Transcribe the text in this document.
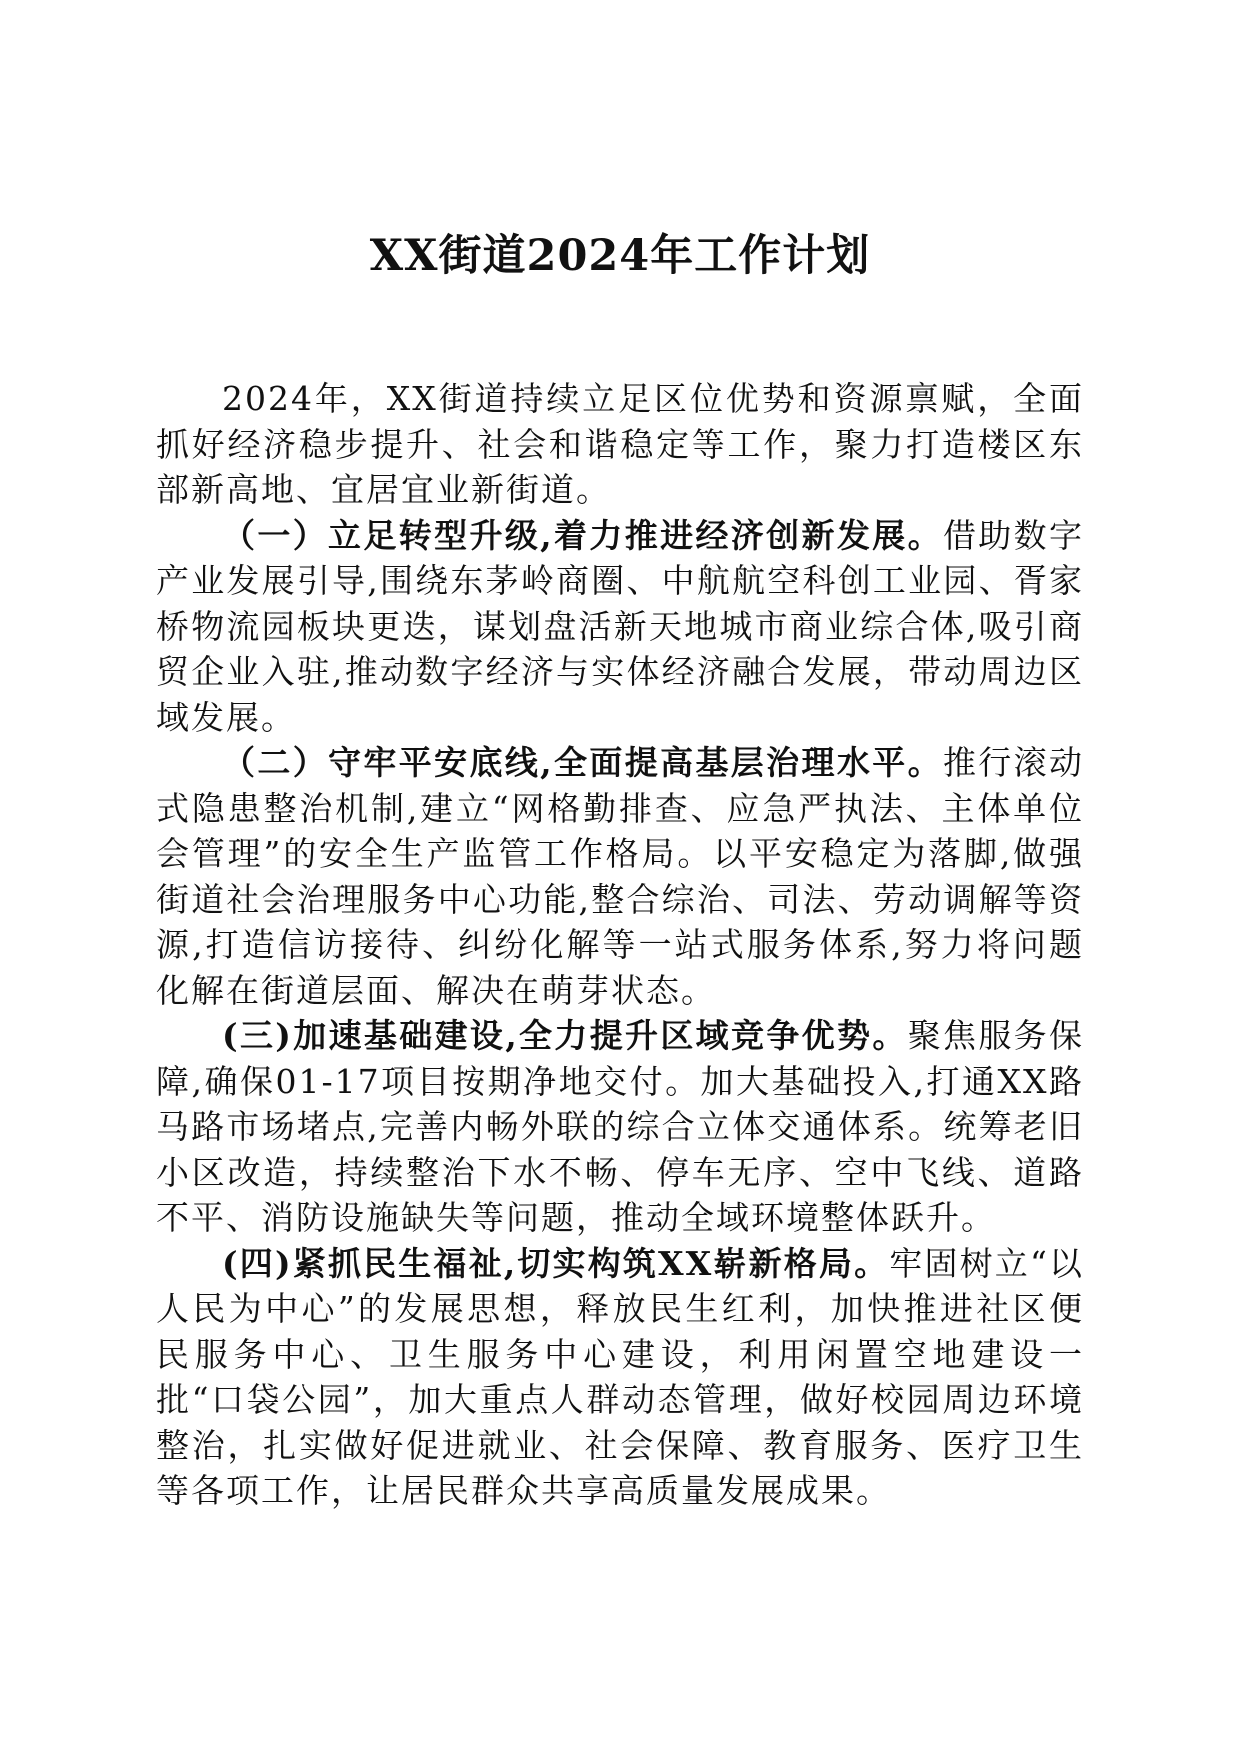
XX街道2024年工作计划

2024年，XX街道持续立足区位优势和资源禀赋，全面抓好经济稳步提升、社会和谐稳定等工作，聚力打造楼区东部新高地、宜居宜业新街道。

（一）立足转型升级,着力推进经济创新发展。借助数字产业发展引导,围绕东茅岭商圈、中航航空科创工业园、胥家桥物流园板块更迭，谋划盘活新天地城市商业综合体,吸引商贸企业入驻,推动数字经济与实体经济融合发展，带动周边区域发展。

（二）守牢平安底线,全面提高基层治理水平。推行滚动式隐患整治机制,建立“网格勤排查、应急严执法、主体单位会管理”的安全生产监管工作格局。以平安稳定为落脚,做强街道社会治理服务中心功能,整合综治、司法、劳动调解等资源,打造信访接待、纠纷化解等一站式服务体系,努力将问题化解在街道层面、解决在萌芽状态。

(三)加速基础建设,全力提升区域竞争优势。聚焦服务保障,确保01-17项目按期净地交付。加大基础投入,打通XX路马路市场堵点,完善内畅外联的综合立体交通体系。统筹老旧小区改造，持续整治下水不畅、停车无序、空中飞线、道路不平、消防设施缺失等问题，推动全域环境整体跃升。

(四)紧抓民生福祉,切实构筑XX崭新格局。牢固树立“以人民为中心”的发展思想，释放民生红利，加快推进社区便民服务中心、卫生服务中心建设，利用闲置空地建设一批“口袋公园”，加大重点人群动态管理，做好校园周边环境整治，扎实做好促进就业、社会保障、教育服务、医疗卫生等各项工作，让居民群众共享高质量发展成果。
